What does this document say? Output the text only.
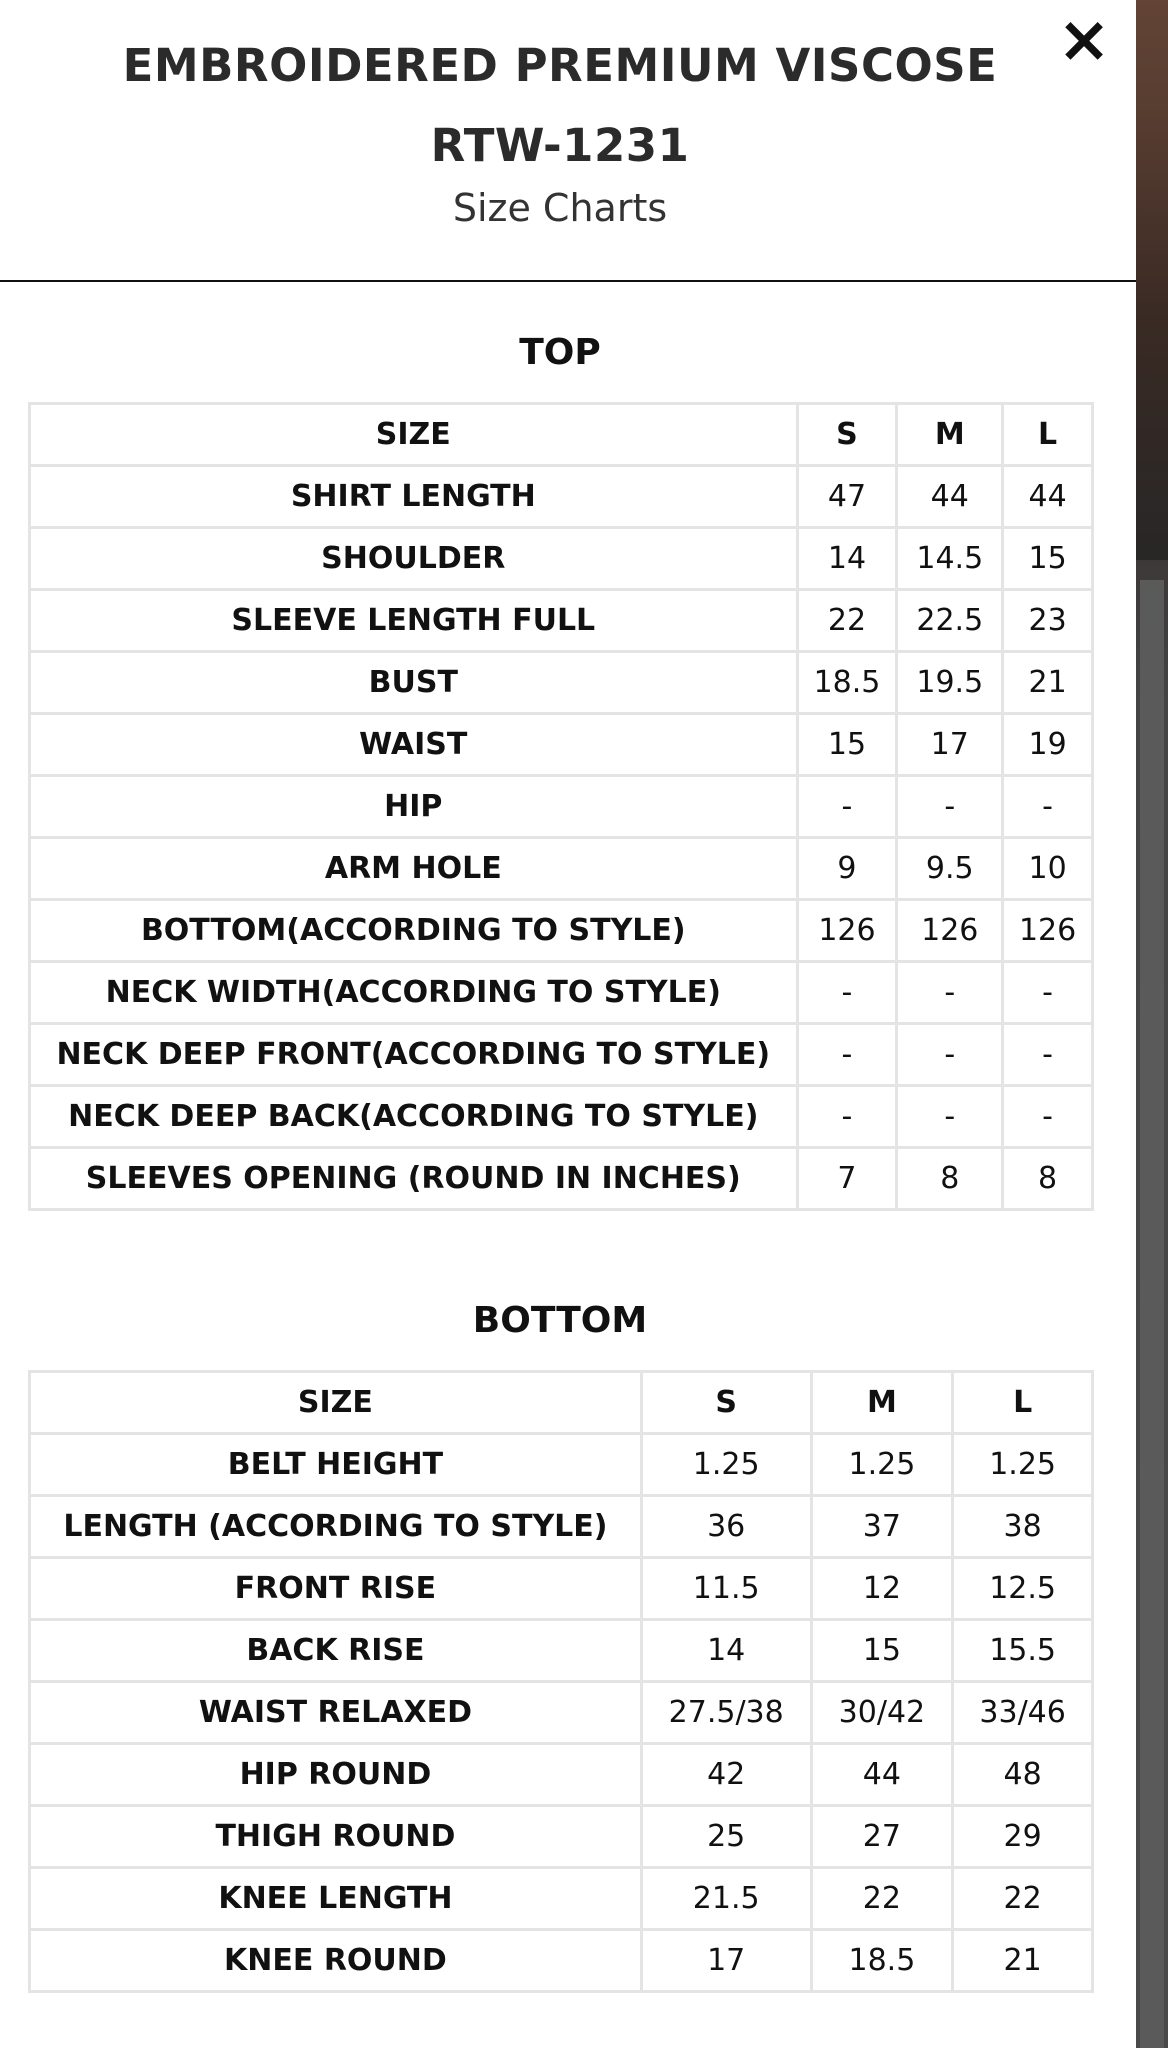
EMBROIDERED PREMIUM VISCOSE
RTW-1231
Size Charts
×
TOP
SIZE	S	M	L
SHIRT LENGTH	47	44	44
SHOULDER	14	14.5	15
SLEEVE LENGTH FULL	22	22.5	23
BUST	18.5	19.5	21
WAIST	15	17	19
HIP	-	-	-
ARM HOLE	9	9.5	10
BOTTOM(ACCORDING TO STYLE)	126	126	126
NECK WIDTH(ACCORDING TO STYLE)	-	-	-
NECK DEEP FRONT(ACCORDING TO STYLE)	-	-	-
NECK DEEP BACK(ACCORDING TO STYLE)	-	-	-
SLEEVES OPENING (ROUND IN INCHES)	7	8	8
BOTTOM
SIZE	S	M	L
BELT HEIGHT	1.25	1.25	1.25
LENGTH (ACCORDING TO STYLE)	36	37	38
FRONT RISE	11.5	12	12.5
BACK RISE	14	15	15.5
WAIST RELAXED	27.5/38	30/42	33/46
HIP ROUND	42	44	48
THIGH ROUND	25	27	29
KNEE LENGTH	21.5	22	22
KNEE ROUND	17	18.5	21
